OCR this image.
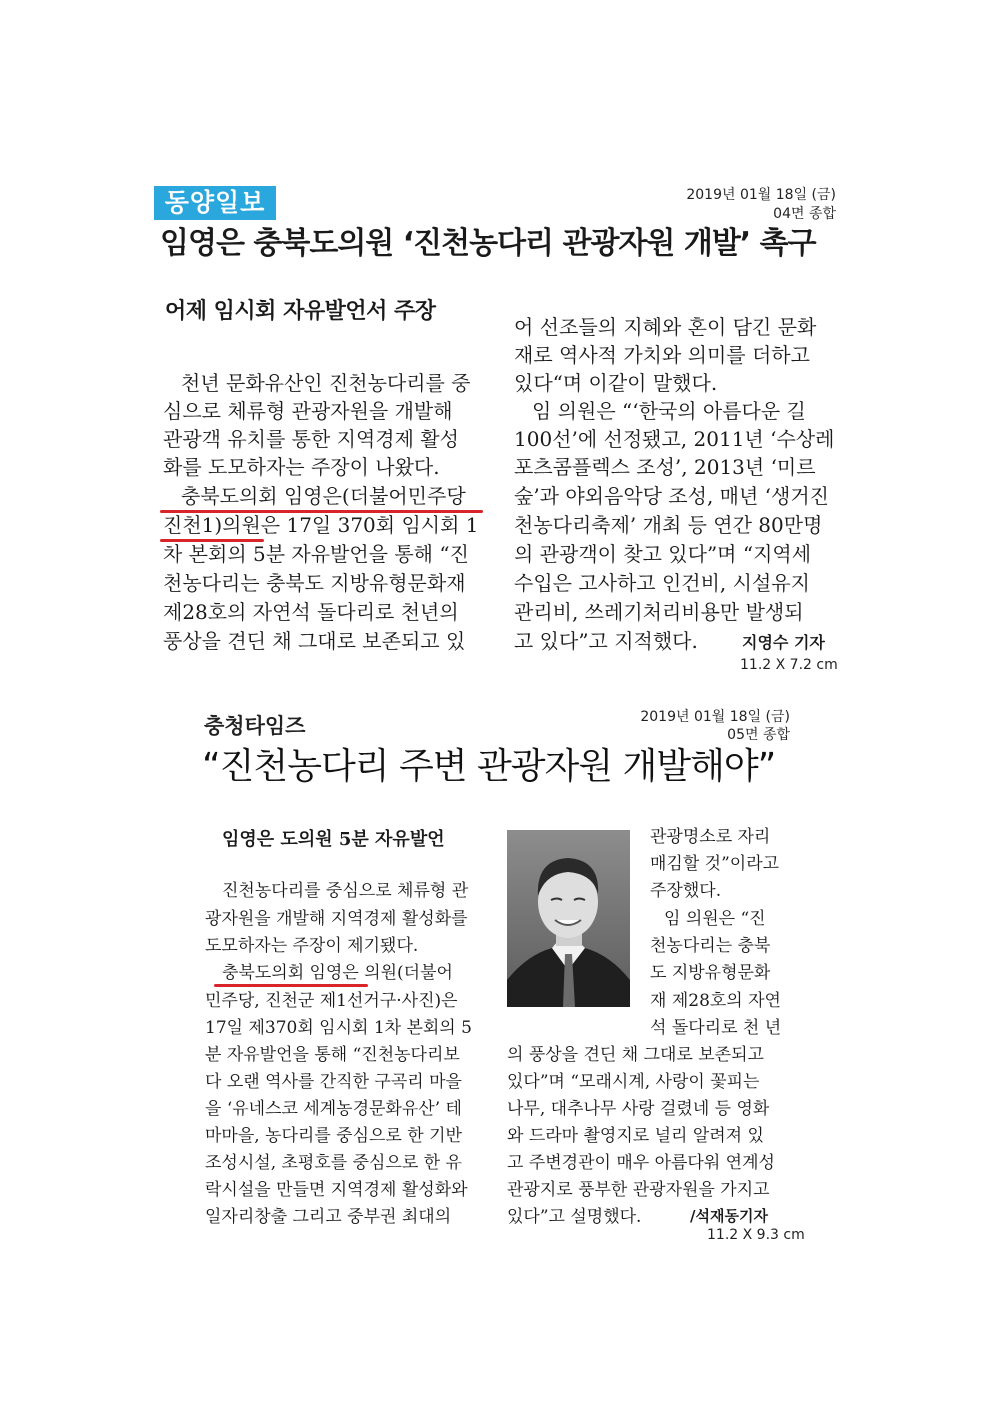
동양일보	2019년 01월 18일 (금)
04면 종합
임영은 충북도의원 ‘진천농다리 관광자원 개발’ 촉구
어제 임시회 자유발언서 주장
천년 문화유산인 진천농다리를 중
심으로 체류형 관광자원을 개발해
관광객 유치를 통한 지역경제 활성
화를 도모하자는 주장이 나왔다.
충북도의회 임영은(더불어민주당
진천1)의원은 17일 370회 임시회 1
차 본회의 5분 자유발언을 통해 “진
천농다리는 충북도 지방유형문화재
제28호의 자연석 돌다리로 천년의
풍상을 견딘 채 그대로 보존되고 있
어 선조들의 지혜와 혼이 담긴 문화
재로 역사적 가치와 의미를 더하고
있다“며 이같이 말했다.
임 의원은 “‘한국의 아름다운 길
100선’에 선정됐고, 2011년 ‘수상레
포츠콤플렉스 조성’, 2013년 ‘미르
숲’과 야외음악당 조성, 매년 ‘생거진
천농다리축제’ 개최 등 연간 80만명
의 관광객이 찾고 있다”며 “지역세
수입은 고사하고 인건비, 시설유지
관리비, 쓰레기처리비용만 발생되
고 있다”고 지적했다.	지영수 기자
11.2 X 7.2 cm
충청타임즈	2019년 01월 18일 (금)
05면 종합
“진천농다리 주변 관광자원 개발해야”
임영은 도의원 5분 자유발언
진천농다리를 중심으로 체류형 관
광자원을 개발해 지역경제 활성화를
도모하자는 주장이 제기됐다.
충북도의회 임영은 의원(더불어
민주당, 진천군 제1선거구·사진)은
17일 제370회 임시회 1차 본회의 5
분 자유발언을 통해 “진천농다리보
다 오랜 역사를 간직한 구곡리 마을
을 ‘유네스코 세계농경문화유산’ 테
마마을, 농다리를 중심으로 한 기반
조성시설, 초평호를 중심으로 한 유
락시설을 만들면 지역경제 활성화와
일자리창출 그리고 중부권 최대의
관광명소로 자리
매김할 것”이라고
주장했다.
임 의원은 “진
천농다리는 충북
도 지방유형문화
재 제28호의 자연
석 돌다리로 천 년
의 풍상을 견딘 채 그대로 보존되고
있다”며 “모래시계, 사랑이 꽃피는
나무, 대추나무 사랑 걸렸네 등 영화
와 드라마 촬영지로 널리 알려져 있
고 주변경관이 매우 아름다워 연계성
관광지로 풍부한 관광자원을 가지고
있다”고 설명했다.	/석재동기자
11.2 X 9.3 cm
